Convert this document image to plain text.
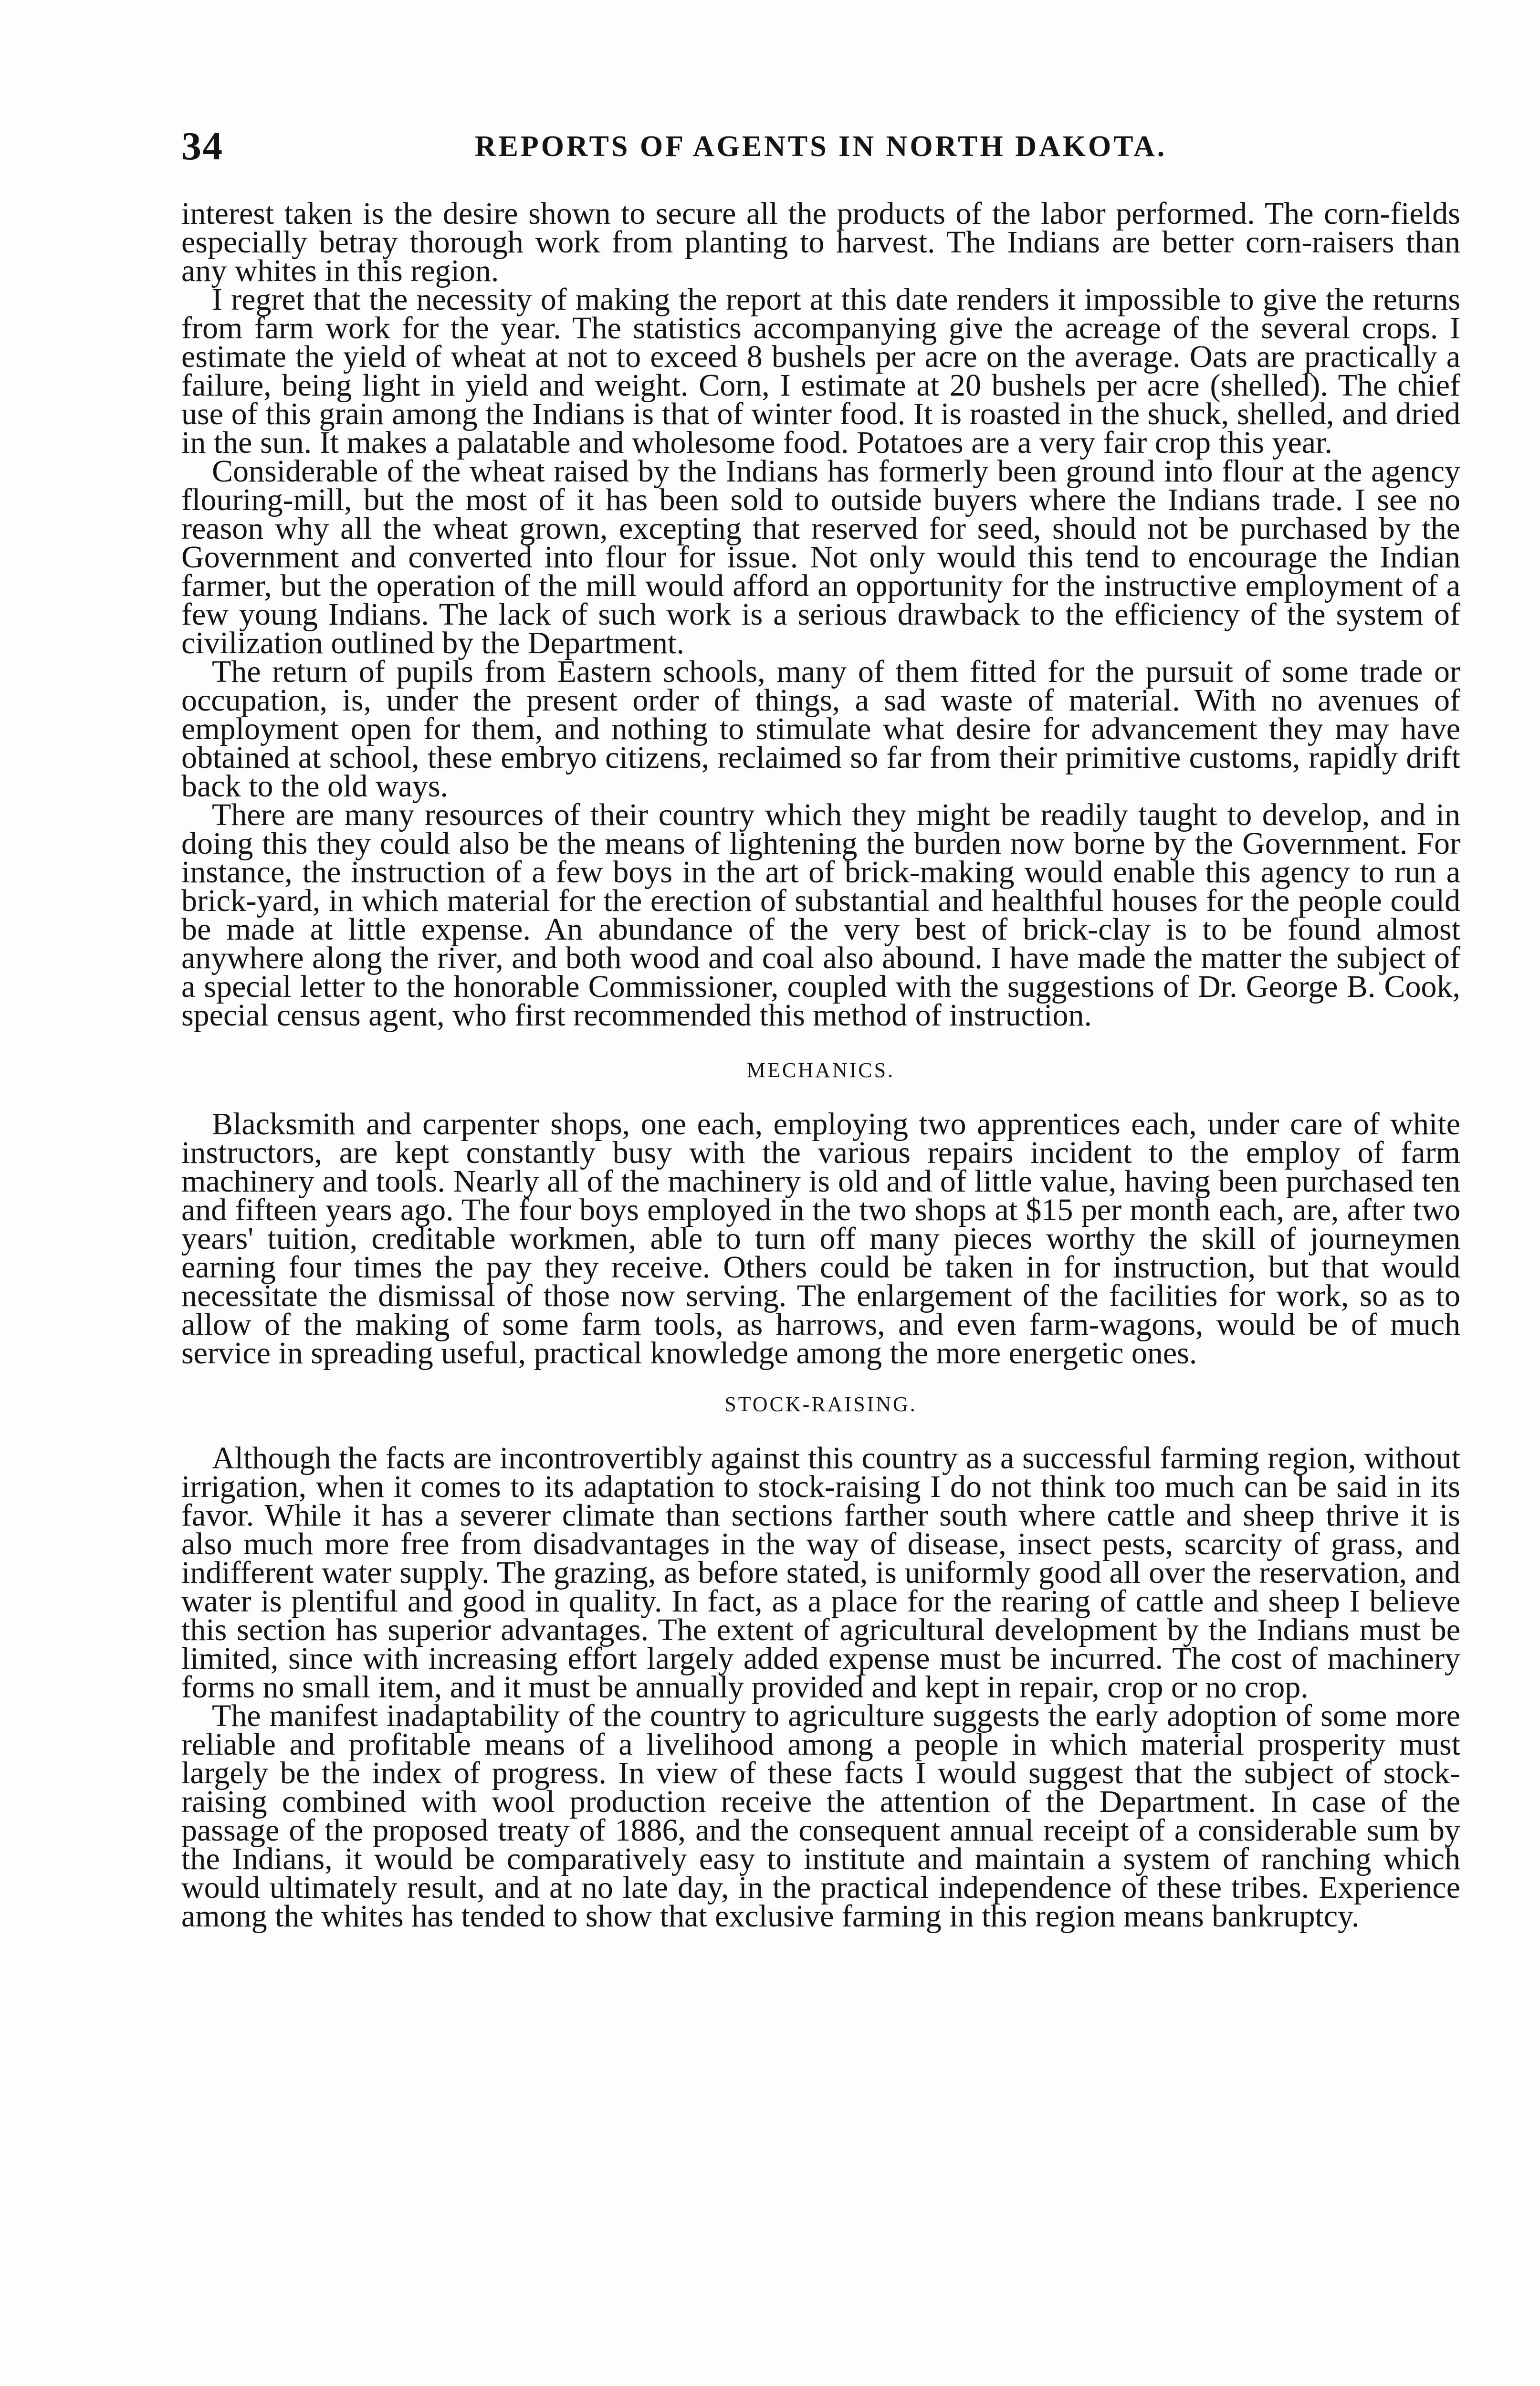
34	REPORTS OF AGENTS IN NORTH DAKOTA.

interest taken is the desire shown to secure all the products of the labor performed. The corn-fields especially betray thorough work from planting to harvest. The Indians are better corn-raisers than any whites in this region.

I regret that the necessity of making the report at this date renders it impossible to give the returns from farm work for the year. The statistics accompanying give the acreage of the several crops. I estimate the yield of wheat at not to exceed 8 bushels per acre on the average. Oats are practically a failure, being light in yield and weight. Corn, I estimate at 20 bushels per acre (shelled). The chief use of this grain among the Indians is that of winter food. It is roasted in the shuck, shelled, and dried in the sun. It makes a palatable and wholesome food. Potatoes are a very fair crop this year.

Considerable of the wheat raised by the Indians has formerly been ground into flour at the agency flouring-mill, but the most of it has been sold to outside buyers where the Indians trade. I see no reason why all the wheat grown, excepting that reserved for seed, should not be purchased by the Government and converted into flour for issue. Not only would this tend to encourage the Indian farmer, but the operation of the mill would afford an opportunity for the instructive employment of a few young Indians. The lack of such work is a serious drawback to the efficiency of the system of civilization outlined by the Department.

The return of pupils from Eastern schools, many of them fitted for the pursuit of some trade or occupation, is, under the present order of things, a sad waste of material. With no avenues of employment open for them, and nothing to stimulate what desire for advancement they may have obtained at school, these embryo citizens, reclaimed so far from their primitive customs, rapidly drift back to the old ways.

There are many resources of their country which they might be readily taught to develop, and in doing this they could also be the means of lightening the burden now borne by the Government. For instance, the instruction of a few boys in the art of brick-making would enable this agency to run a brick-yard, in which material for the erection of substantial and healthful houses for the people could be made at little expense. An abundance of the very best of brick-clay is to be found almost anywhere along the river, and both wood and coal also abound. I have made the matter the subject of a special letter to the honorable Commissioner, coupled with the suggestions of Dr. George B. Cook, special census agent, who first recommended this method of instruction.

MECHANICS.

Blacksmith and carpenter shops, one each, employing two apprentices each, under care of white instructors, are kept constantly busy with the various repairs incident to the employ of farm machinery and tools. Nearly all of the machinery is old and of little value, having been purchased ten and fifteen years ago. The four boys employed in the two shops at $15 per month each, are, after two years' tuition, creditable workmen, able to turn off many pieces worthy the skill of journeymen earning four times the pay they receive. Others could be taken in for instruction, but that would necessitate the dismissal of those now serving. The enlargement of the facilities for work, so as to allow of the making of some farm tools, as harrows, and even farm-wagons, would be of much service in spreading useful, practical knowledge among the more energetic ones.

STOCK-RAISING.

Although the facts are incontrovertibly against this country as a successful farming region, without irrigation, when it comes to its adaptation to stock-raising I do not think too much can be said in its favor. While it has a severer climate than sections farther south where cattle and sheep thrive it is also much more free from disadvantages in the way of disease, insect pests, scarcity of grass, and indifferent water supply. The grazing, as before stated, is uniformly good all over the reservation, and water is plentiful and good in quality. In fact, as a place for the rearing of cattle and sheep I believe this section has superior advantages. The extent of agricultural development by the Indians must be limited, since with increasing effort largely added expense must be incurred. The cost of machinery forms no small item, and it must be annually provided and kept in repair, crop or no crop.

The manifest inadaptability of the country to agriculture suggests the early adoption of some more reliable and profitable means of a livelihood among a people in which material prosperity must largely be the index of progress. In view of these facts I would suggest that the subject of stock-raising combined with wool production receive the attention of the Department. In case of the passage of the proposed treaty of 1886, and the consequent annual receipt of a considerable sum by the Indians, it would be comparatively easy to institute and maintain a system of ranching which would ultimately result, and at no late day, in the practical independence of these tribes. Experience among the whites has tended to show that exclusive farming in this region means bankruptcy.
